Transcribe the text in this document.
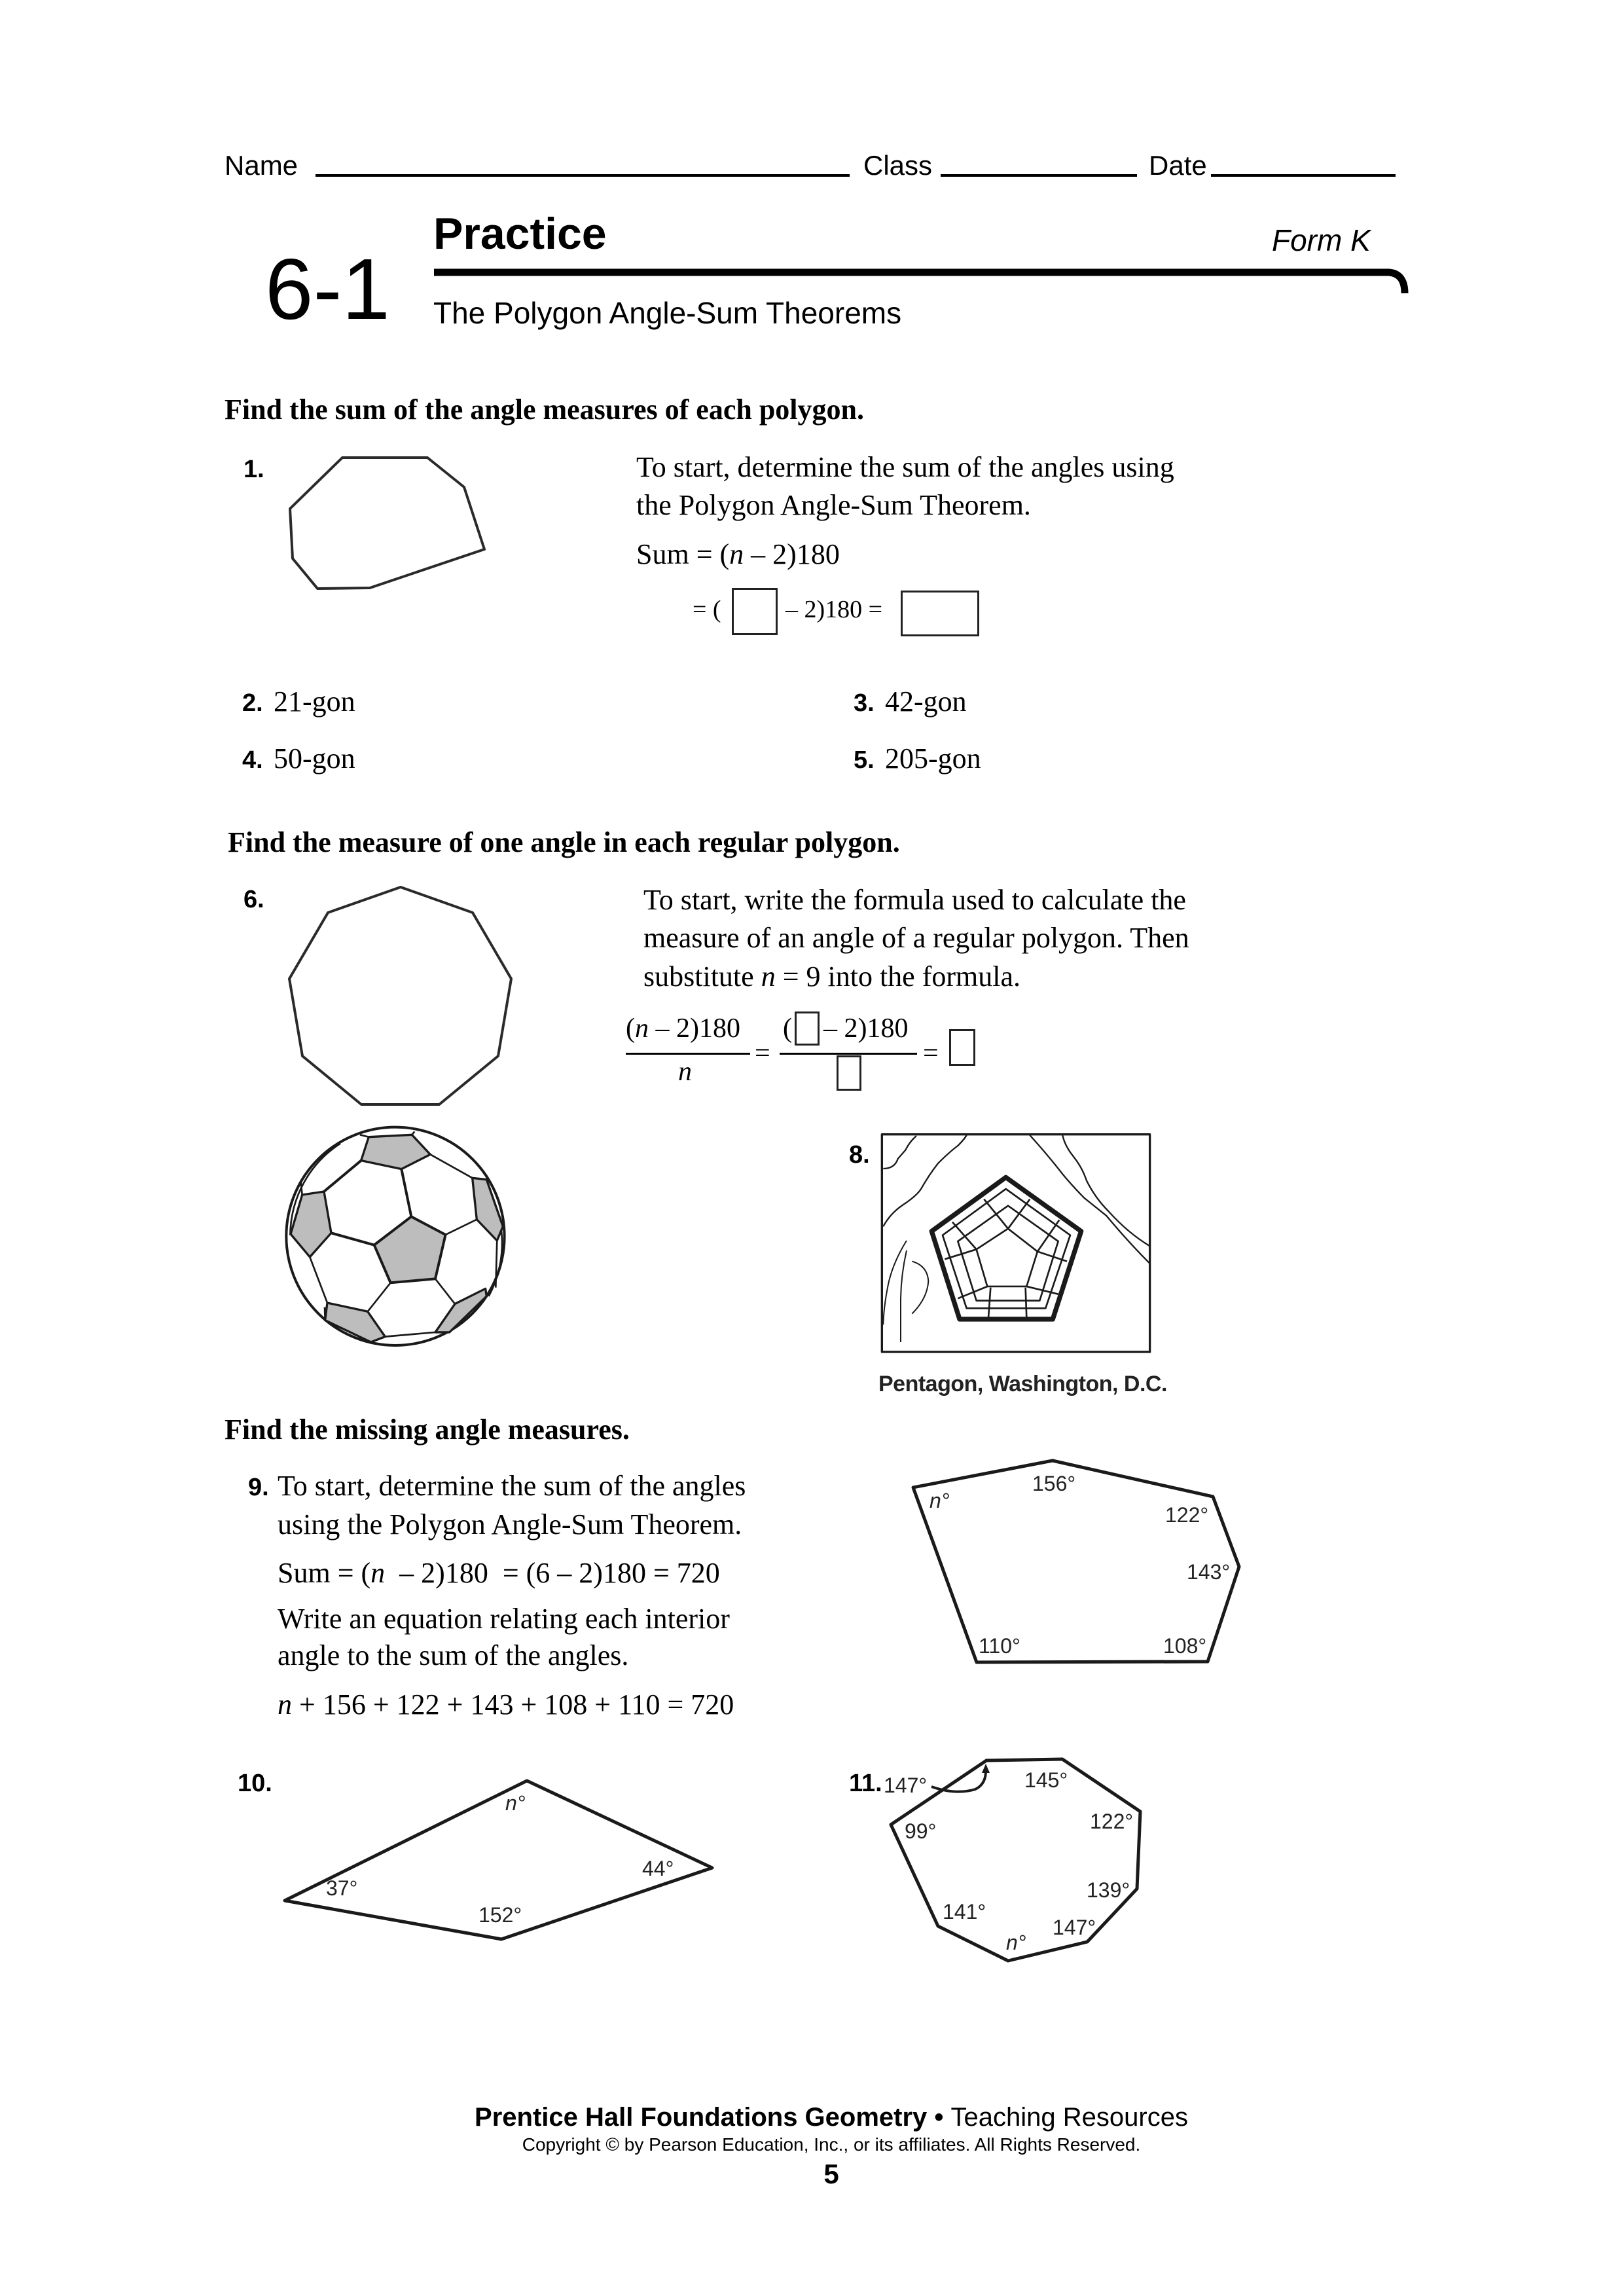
Name	Class	Date
6-1
Practice	Form K
The Polygon Angle-Sum Theorems
Find the sum of the angle measures of each polygon.
1.	To start, determine the sum of the angles using
the Polygon Angle-Sum Theorem.
Sum = (n – 2)180
= (	– 2)180 =
2. 21-gon	3. 42-gon
4. 50-gon	5. 205-gon
Find the measure of one angle in each regular polygon.
6.	To start, write the formula used to calculate the
measure of an angle of a regular polygon. Then
substitute n = 9 into the formula.
(n – 2)180
n
=
( – 2)180
=
8.
Pentagon, Washington, D.C.
Find the missing angle measures.
9. To start, determine the sum of the angles
using the Polygon Angle-Sum Theorem.
Sum = (n  – 2)180  = (6 – 2)180 = 720
Write an equation relating each interior
angle to the sum of the angles.
n + 156 + 122 + 143 + 108 + 110 = 720
10.	11.
Prentice Hall Foundations Geometry • Teaching Resources
Copyright © by Pearson Education, Inc., or its affiliates. All Rights Reserved.
5
n°
156°
122°
143°
110°	108°
n°
37°
152°
44°
147°	145°
99°	122°
139°
141°
147°
n°
